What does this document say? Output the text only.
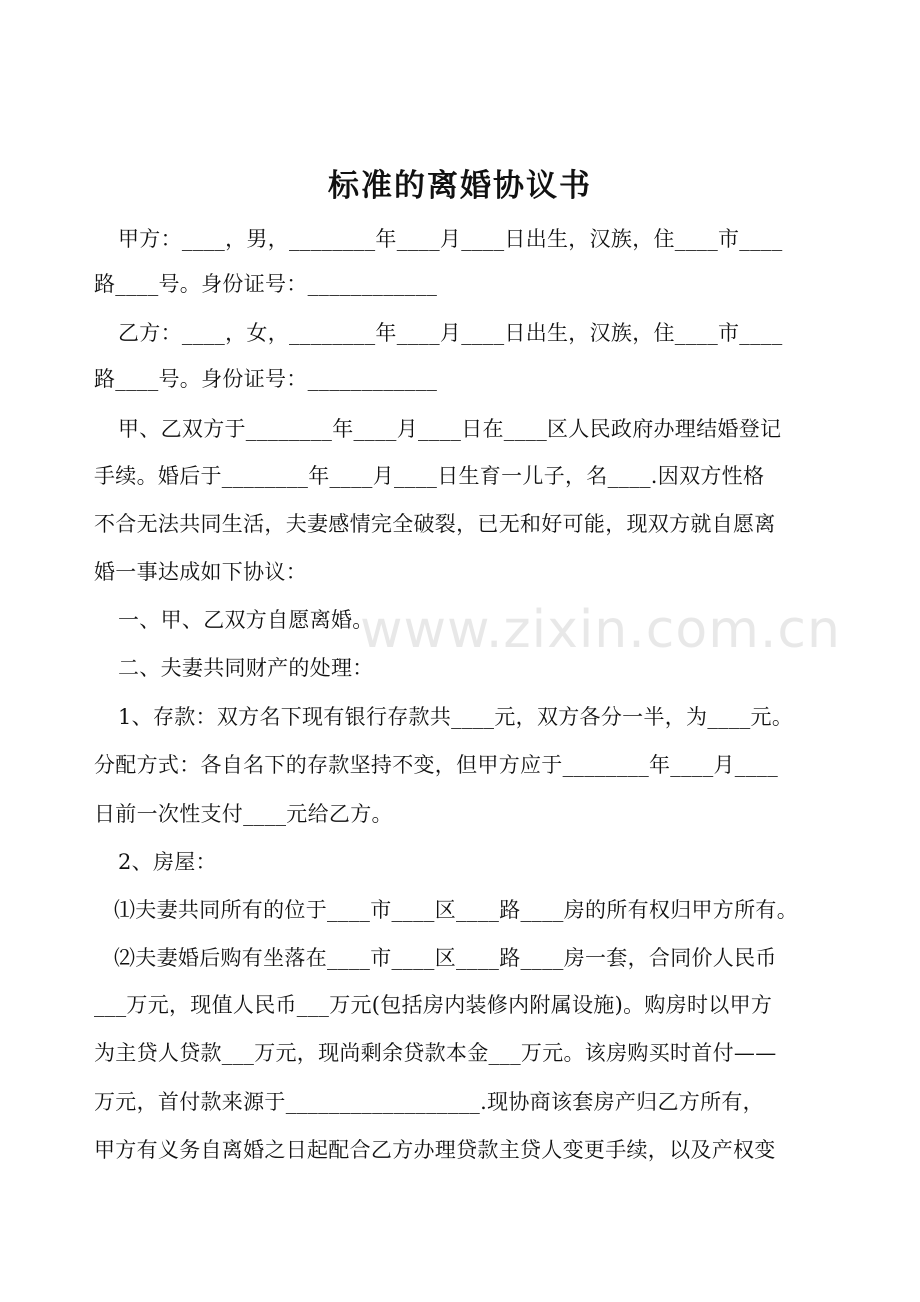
标准的离婚协议书
甲方：____，男，________年____月____日出生，汉族，住____市____
路____号。身份证号：____________
乙方：____，女，________年____月____日出生，汉族，住____市____
路____号。身份证号：____________
甲、乙双方于________年____月____日在____区人民政府办理结婚登记
手续。婚后于________年____月____日生育一儿子，名____.因双方性格
不合无法共同生活，夫妻感情完全破裂，已无和好可能，现双方就自愿离
婚一事达成如下协议：
一、甲、乙双方自愿离婚。
二、夫妻共同财产的处理：
1、存款：双方名下现有银行存款共____元，双方各分一半，为____元。
分配方式：各自名下的存款坚持不变，但甲方应于________年____月____
日前一次性支付____元给乙方。
2、房屋：
⑴夫妻共同所有的位于____市____区____路____房的所有权归甲方所有。
⑵夫妻婚后购有坐落在____市____区____路____房一套，合同价人民币
___万元，现值人民币___万元(包括房内装修内附属设施)。购房时以甲方
为主贷人贷款___万元，现尚剩余贷款本金___万元。该房购买时首付——
万元，首付款来源于__________________.现协商该套房产归乙方所有，
甲方有义务自离婚之日起配合乙方办理贷款主贷人变更手续，以及产权变
www.zixin.com.cn
